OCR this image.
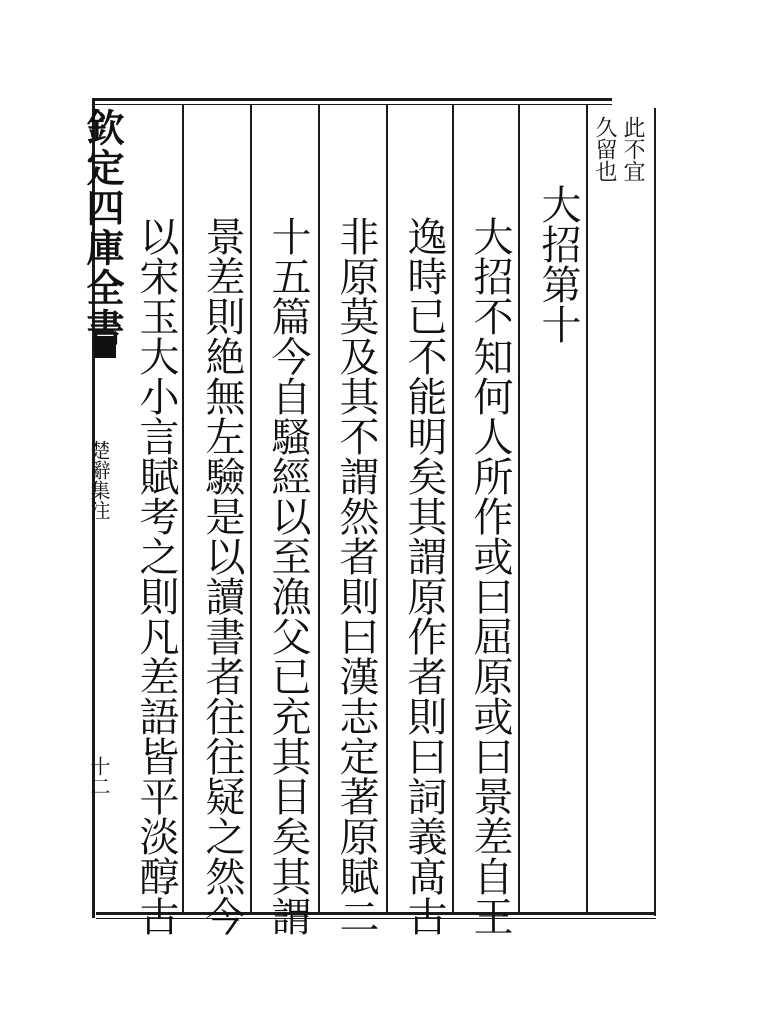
欽定四庫全書
楚辭集注
十二
此不宜
久留也
大招第十
大招不知何人所作或曰屈原或曰景差自王
逸時已不能明矣其謂原作者則曰詞義髙古
非原莫及其不謂然者則曰漢志定著原賦二
十五篇今自騷經以至漁父已充其目矣其謂
景差則絶無左驗是以讀書者往往疑之然今
以宋玉大小言賦考之則凡差語皆平淡醇古
